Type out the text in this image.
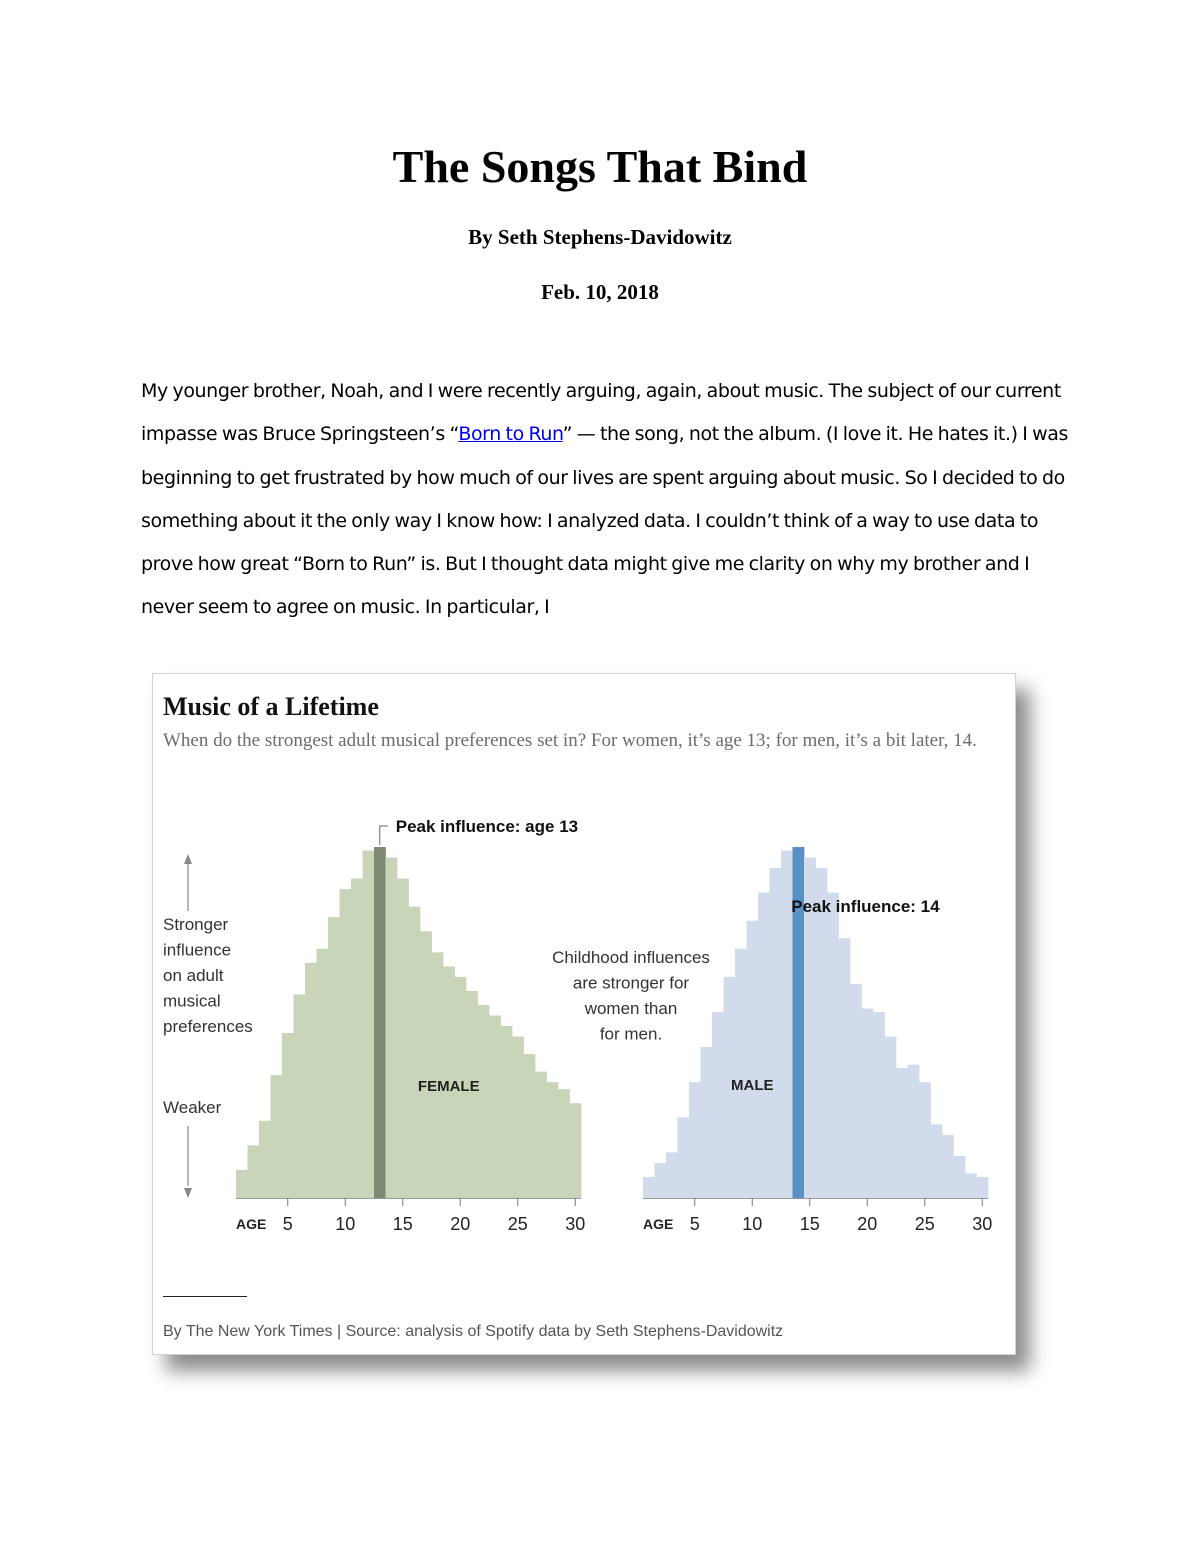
The Songs That Bind
By Seth Stephens-Davidowitz
Feb. 10, 2018

My younger brother, Noah, and I were recently arguing, again, about music. The subject of our current impasse was Bruce Springsteen’s “Born to Run” — the song, not the album. (I love it. He hates it.) I was beginning to get frustrated by how much of our lives are spent arguing about music. So I decided to do something about it the only way I know how: I analyzed data. I couldn’t think of a way to use data to prove how great “Born to Run” is. But I thought data might give me clarity on why my brother and I never seem to agree on music. In particular, I

Music of a Lifetime
When do the strongest adult musical preferences set in? For women, it’s age 13; for men, it’s a bit later, 14.
5 10 15 20 25 30
AGE
FEMALE
Peak influence: age 13
5 10 15 20 25 30
AGE
MALE
Peak influence: 14
Stronger
influence
on adult
musical
preferences
Weaker
Childhood influences
are stronger for
women than
for men.
By The New York Times | Source: analysis of Spotify data by Seth Stephens-Davidowitz
